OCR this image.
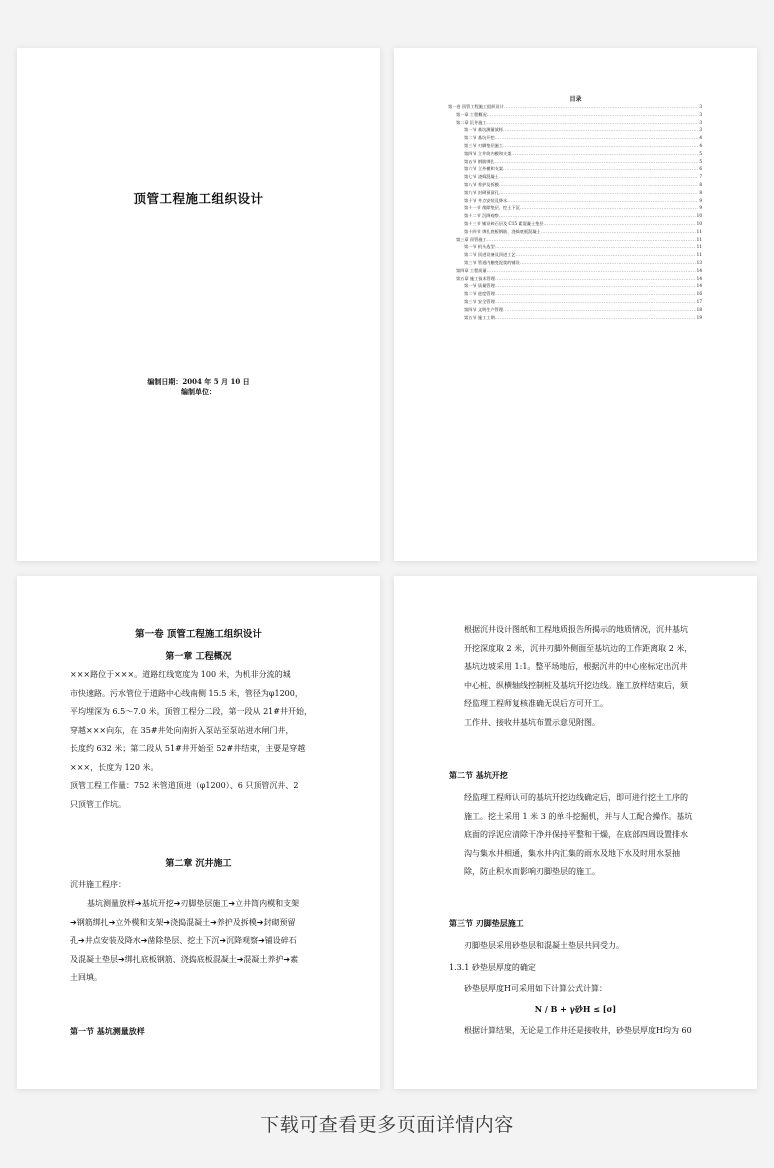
顶管工程施工组织设计
编制日期：2004 年 5 月 10 日
编制单位：
目录
第一卷 顶管工程施工组织设计 .....	3
第一章 工程概况 .....	3
第二章 沉井施工 .....	3
第一节 基坑测量放样 .....	3
第二节 基坑开挖 .....	4
第三节 刃脚垫层施工 .....	4
第四节 立井筒内模和支架 .....	5
第五节 钢筋绑扎 .....	5
第六节 立外模和支架 .....	6
第七节 浇捣混凝土 .....	7
第八节 养护及拆模 .....	8
第九节 封砌预留孔 .....	8
第十节 井点安装及降水 .....	9
第十一节 凿除垫层、挖土下沉 .....	9
第十二节 沉降观察 .....	10
第十三节 铺设碎石层及 C15 素混凝土垫层 .....	10
第十四节 绑扎底板钢筋、浇捣底板混凝土 .....	11
第三章 顶管施工 .....	11
第一节 机头选型 .....	11
第二节 顶进设备及顶进工艺 .....	11
第三节 管道内触变泥浆的铺设 .....	13
第四章 工程质量 .....	14
第五章 施工技术管理 .....	14
第一节 质量管理 .....	14
第二节 进度管理 .....	16
第三节 安全管理 .....	17
第四节 文明生产管理 .....	18
第五节 施工工期 .....	19
第一卷 顶管工程施工组织设计
第一章 工程概况
×××路位于×××。道路红线宽度为 100 米，为机非分流的城
市快速路。污水管位于道路中心线南侧 15.5 米，管径为φ1200，
平均埋深为 6.5～7.0 米。顶管工程分二段，第一段从 21#井开始，
穿越×××向东，在 35#井处向南折入泵站至泵站进水闸门井，
长度约 632 米；第二段从 51#井开始至 52#井结束，主要是穿越
×××，长度为 120 米。
顶管工程工作量：752 米管道顶进（φ1200）、6 只顶管沉井、2
只顶管工作坑。
第二章 沉井施工
沉井施工程序：
基坑测量放样➔基坑开挖➔刃脚垫层施工➔立井筒内模和支架
➔钢筋绑扎➔立外模和支架➔浇捣混凝土➔养护及拆模➔封砌预留
孔➔井点安装及降水➔凿除垫层、挖土下沉➔沉降观察➔铺设碎石
及混凝土垫层➔绑扎底板钢筋、浇捣底板混凝土➔混凝土养护➔素
土回填。
第一节 基坑测量放样
根据沉井设计图纸和工程地质报告所揭示的地质情况，沉井基坑
开挖深度取 2 米，沉井刃脚外侧面至基坑边的工作距离取 2 米，
基坑边坡采用 1:1。整平场地后，根据沉井的中心座标定出沉井
中心桩、纵横轴线控制桩及基坑开挖边线。施工放样结束后，须
经监理工程师复核准确无误后方可开工。
工作井、接收井基坑布置示意见附图。
第二节 基坑开挖
经监理工程师认可的基坑开挖边线确定后，即可进行挖土工序的
施工。挖土采用 1 米 3 的单斗挖掘机，并与人工配合操作。基坑
底面的浮泥应清除干净并保持平整和干燥，在底部四周设置排水
沟与集水井相通，集水井内汇集的雨水及地下水及时用水泵抽
除，防止积水而影响刃脚垫层的施工。
第三节 刃脚垫层施工
刃脚垫层采用砂垫层和混凝土垫层共同受力。
1.3.1 砂垫层厚度的确定
砂垫层厚度H可采用如下计算公式计算：
N / B + γ砂H ≤ [σ]
根据计算结果，无论是工作井还是接收井，砂垫层厚度H均为 60
下载可查看更多页面详情内容
